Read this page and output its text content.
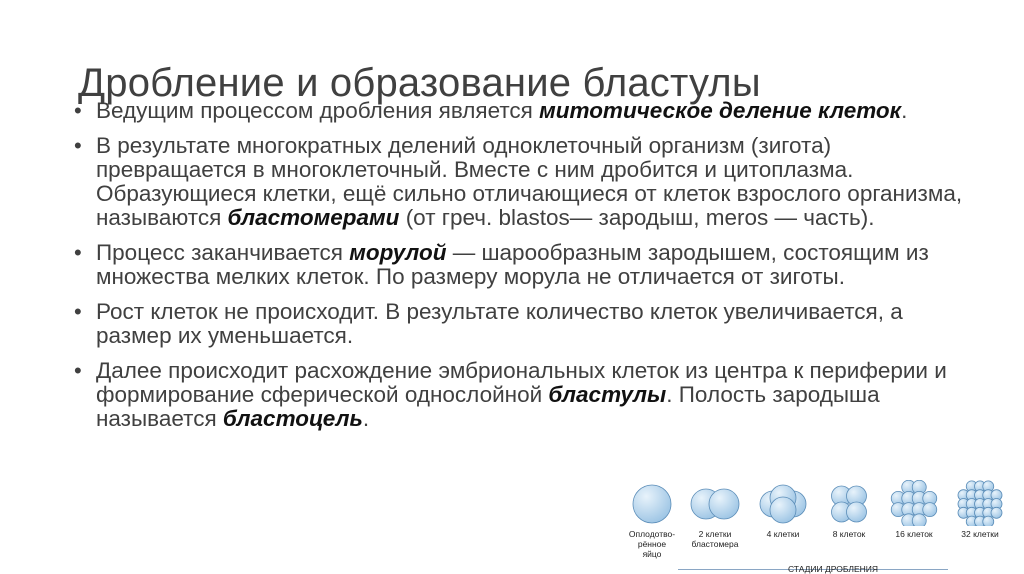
Дробление и образование бластулы
• Ведущим процессом дробления является митотическое деление клеток.
• В результате многократных делений одноклеточный организм (зигота) превращается в многоклеточный. Вместе с ним дробится и цитоплазма. Образующиеся клетки, ещё сильно отличающиеся от клеток взрослого организма, называются бластомерами (от греч. blastos— зародыш, meros — часть).
• Процесс заканчивается морулой — шарообразным зародышем, состоящим из множества мелких клеток. По размеру морула не отличается от зиготы.
• Рост клеток не происходит. В результате количество клеток увеличивается, а размер их уменьшается.
• Далее происходит расхождение эмбриональных клеток из центра к периферии и формирование сферической однослойной бластулы. Полость зародыша называется бластоцель.
СТАДИИ ДРОБЛЕНИЯ
Оплодотво-
рённое
яйцо
2 клетки
бластомера
4 клетки	8 клеток	16 клеток	32 клетки
